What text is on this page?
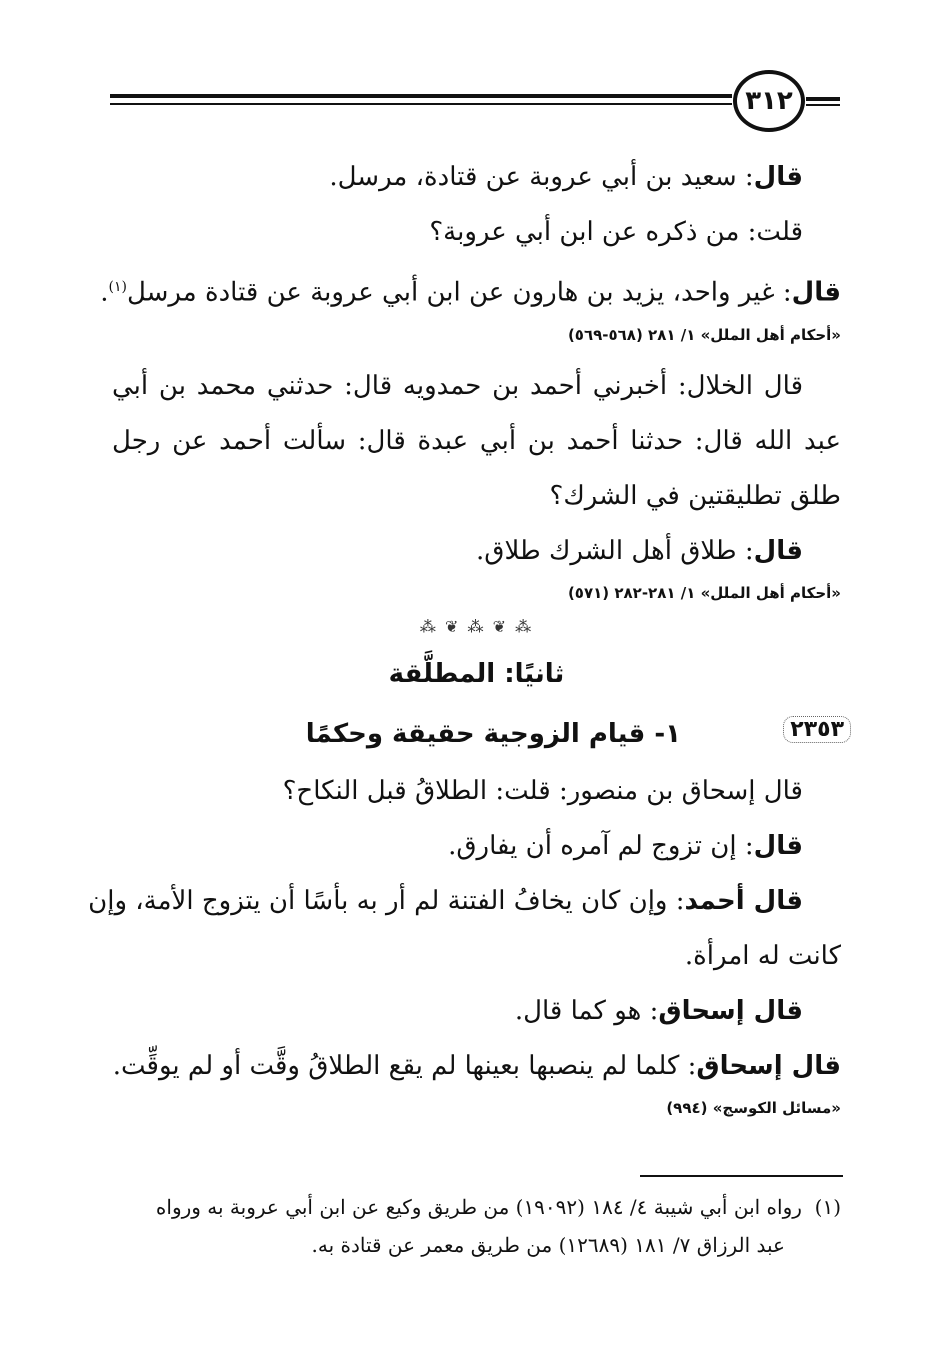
٣١٢
قال: سعيد بن أبي عروبة عن قتادة، مرسل.
قلت: من ذكره عن ابن أبي عروبة؟
قال: غير واحد، يزيد بن هارون عن ابن أبي عروبة عن قتادة مرسل$^{(١)}$.
«أحكام أهل الملل» ١/ ٢٨١ (٥٦٨-٥٦٩)
قال الخلال: أخبرني أحمد بن حمدويه قال: حدثني محمد بن أبي
عبد الله قال: حدثنا أحمد بن أبي عبدة قال: سألت أحمد عن رجل
طلق تطليقتين في الشرك؟
قال: طلاق أهل الشرك طلاق.
«أحكام أهل الملل» ١/ ٢٨١-٢٨٢ (٥٧١)
⁂ ❦ ⁂ ❦ ⁂
ثانيًا: المطلَّقة
٢٣٥٣
١- قيام الزوجية حقيقة وحكمًا
قال إسحاق بن منصور: قلت: الطلاقُ قبل النكاح؟
قال: إن تزوج لم آمره أن يفارق.
قال أحمد: وإن كان يخافُ الفتنة لم أر به بأسًا أن يتزوج الأمة، وإن
كانت له امرأة.
قال إسحاق: هو كما قال.
قال إسحاق: كلما لم ينصبها بعينها لم يقع الطلاقُ وقَّت أو لم يوقِّت.
«مسائل الكوسج» (٩٩٤)
(١)  رواه ابن أبي شيبة ٤/ ١٨٤ (١٩٠٩٢) من طريق وكيع عن ابن أبي عروبة به ورواه
عبد الرزاق ٧/ ١٨١ (١٢٦٨٩) من طريق معمر عن قتادة به.
